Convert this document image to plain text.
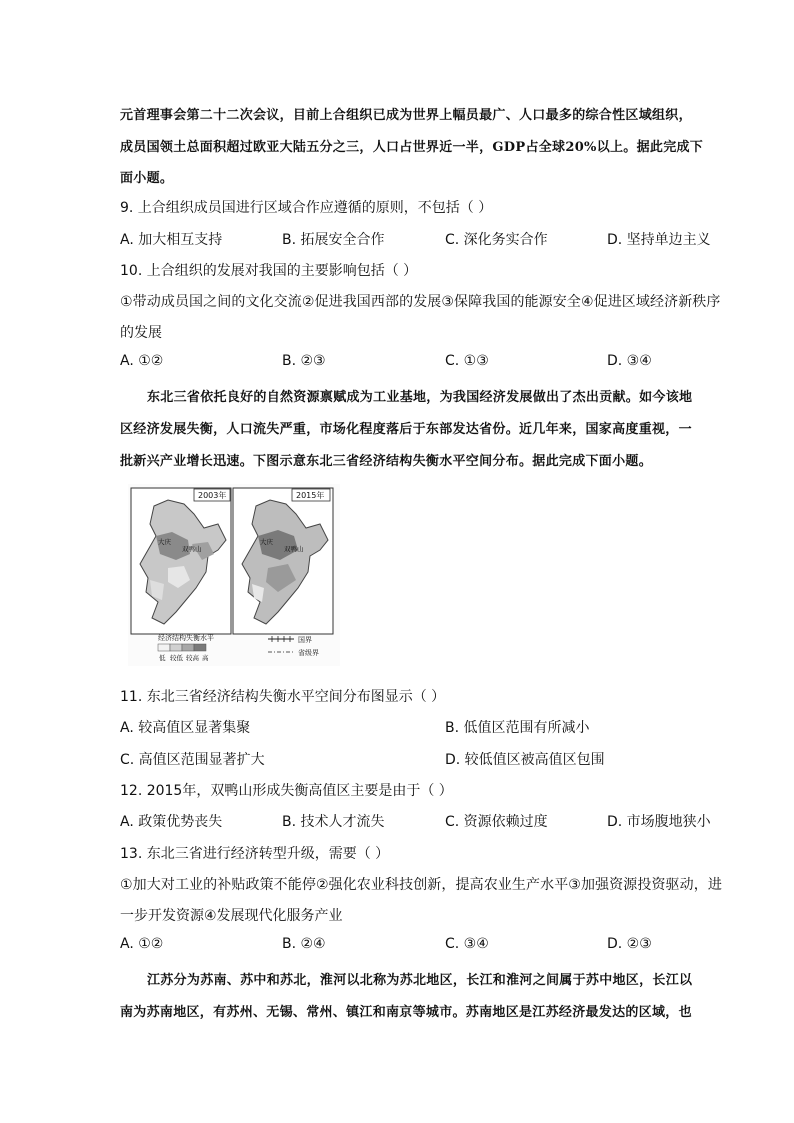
元首理事会第二十二次会议，目前上合组织已成为世界上幅员最广、人口最多的综合性区域组织，
成员国领土总面积超过欧亚大陆五分之三，人口占世界近一半，GDP占全球20%以上。据此完成下
面小题。
9. 上合组织成员国进行区域合作应遵循的原则，不包括（ ）
A. 加大相互支持	B. 拓展安全合作	C. 深化务实合作	D. 坚持单边主义
10. 上合组织的发展对我国的主要影响包括（ ）
①带动成员国之间的文化交流②促进我国西部的发展③保障我国的能源安全④促进区域经济新秩序
的发展
A. ①②	B. ②③	C. ①③	D. ③④
东北三省依托良好的自然资源禀赋成为工业基地，为我国经济发展做出了杰出贡献。如今该地
区经济发展失衡，人口流失严重，市场化程度落后于东部发达省份。近几年来，国家高度重视，一
批新兴产业增长迅速。下图示意东北三省经济结构失衡水平空间分布。据此完成下面小题。
2003年
大庆
双鸭山
2015年
大庆
双鸭山
经济结构失衡水平
低 较低 较高 高
国界
省级界
11. 东北三省经济结构失衡水平空间分布图显示（ ）
A. 较高值区显著集聚	B. 低值区范围有所减小
C. 高值区范围显著扩大	D. 较低值区被高值区包围
12. 2015年，双鸭山形成失衡高值区主要是由于（ ）
A. 政策优势丧失	B. 技术人才流失	C. 资源依赖过度	D. 市场腹地狭小
13. 东北三省进行经济转型升级，需要（ ）
①加大对工业的补贴政策不能停②强化农业科技创新，提高农业生产水平③加强资源投资驱动，进
一步开发资源④发展现代化服务产业
A. ①②	B. ②④	C. ③④	D. ②③
江苏分为苏南、苏中和苏北，淮河以北称为苏北地区，长江和淮河之间属于苏中地区，长江以
南为苏南地区，有苏州、无锡、常州、镇江和南京等城市。苏南地区是江苏经济最发达的区域，也
